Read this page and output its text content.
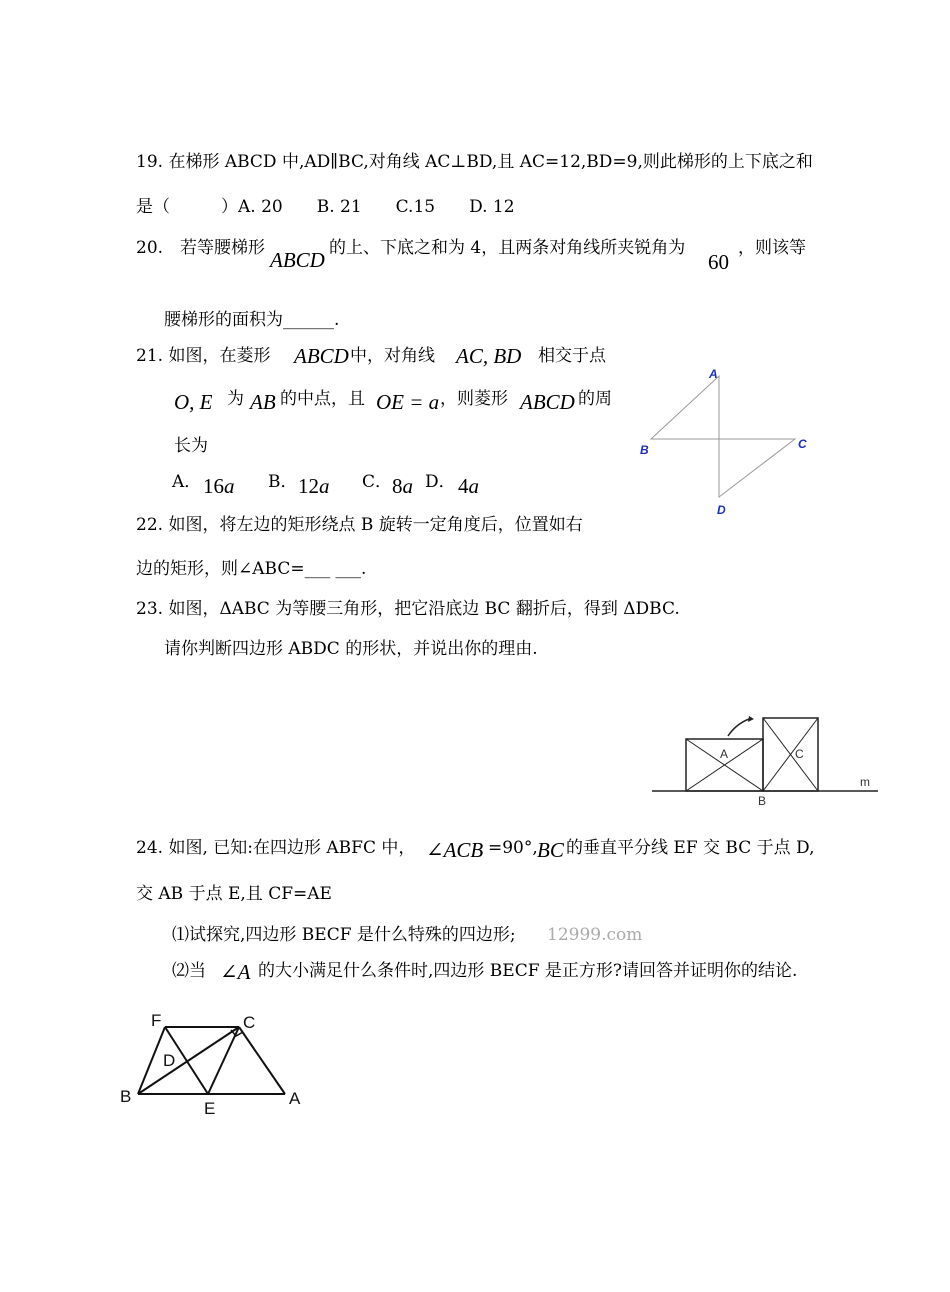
19. 在梯形 ABCD 中,AD∥BC,对角线 AC⊥BD,且 AC=12,BD=9,则此梯形的上下底之和
是（　　　）A. 20　　B. 21　　C.15　　D. 12
20.　若等腰梯形 ABCD 的上、下底之和为 4，且两条对角线所夹锐角为
60
，则该等
腰梯形的面积为______.
21. 如图，在菱形 ABCD 中，对角线 AC, BD 相交于点
O, E 为 AB 的中点，且 OE = a ，则菱形 ABCD 的周
长为
A． 16a B． 12a C． 8a D． 4a
A
B	C
D
22. 如图，将左边的矩形绕点 B 旋转一定角度后，位置如右
边的矩形，则∠ABC=___ ___.
23. 如图，ΔABC 为等腰三角形，把它沿底边 BC 翻折后，得到 ΔDBC.
请你判断四边形 ABDC 的形状，并说出你的理由.
A	C
B
m
24. 如图, 已知:在四边形 ABFC 中， ∠ACB =90°, BC 的垂直平分线 EF 交 BC 于点 D,
交 AB 于点 E,且 CF=AE
⑴试探究,四边形 BECF 是什么特殊的四边形; 12999.com
⑵当 ∠A 的大小满足什么条件时,四边形 BECF 是正方形?请回答并证明你的结论.
F	C
D
B
E
A
